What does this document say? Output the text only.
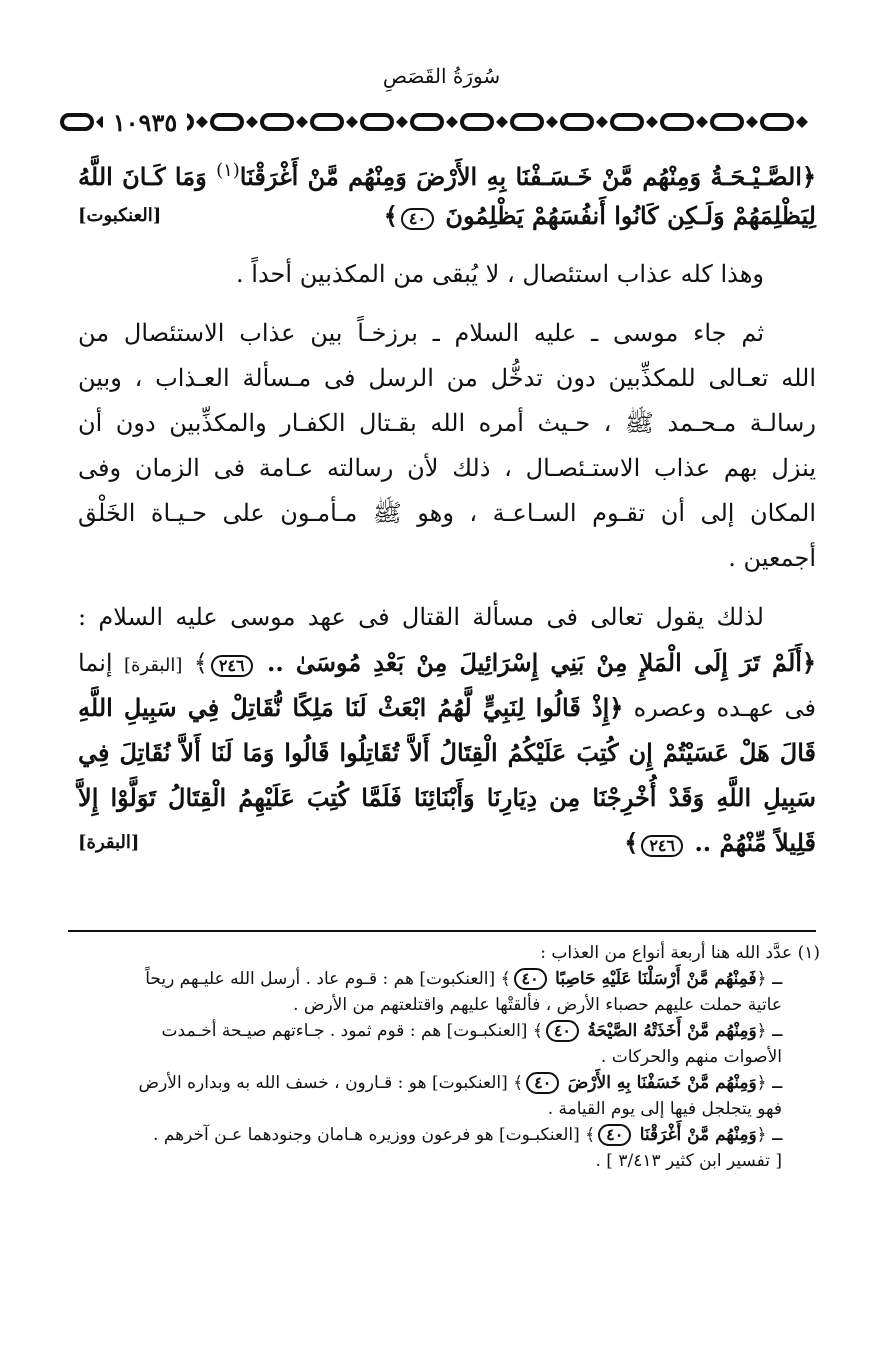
سُورَةُ القَصَصِ
١٠٩٣٥
﴿الصَّـيْـحَـةُ وَمِنْهُم مَّنْ خَـسَـفْنَا بِهِ الأَرْضَ وَمِنْهُم مَّنْ أَغْرَقْنَا$^{(١)}$ وَمَا كَـانَ اللَّهُ
لِيَظْلِمَهُمْ وَلَـكِن كَانُوا أَنفُسَهُمْ يَظْلِمُونَ ٤٠﴾
[العنكبوت]
وهذا كله عذاب استئصال ، لا يُبقى من المكذبين أحداً .
ثم جاء موسى ـ عليه السلام ـ برزخـاً بين عذاب الاستئصال من
الله تعـالى للمكذِّبين دون تدخُّل من الرسل فى مـسألة العـذاب ، وبين
رسالـة مـحـمد ﷺ ، حـيث أمره الله بقـتال الكفـار والمكذِّبين دون أن
ينزل بهم عذاب الاستـئصـال ، ذلك لأن رسالته عـامة فى الزمان وفى
المكان إلى أن تقـوم السـاعـة ، وهو ﷺ مـأمـون على حـيـاة الخَلْق
أجمعين .
لذلك يقول تعالى فى مسألة القتال فى عهد موسى عليه السلام :
﴿أَلَمْ تَرَ إِلَى الْمَلإِ مِنْ بَنِي إِسْرَائِيلَ مِنْ بَعْدِ مُوسَىٰ .. ٢٤٦﴾ [البقرة] إنما
فى عهـده وعصره ﴿إِذْ قَالُوا لِنَبِيٍّ لَّهُمُ ابْعَثْ لَنَا مَلِكًا نُّقَاتِلْ فِي سَبِيلِ اللَّهِ
قَالَ هَلْ عَسَيْتُمْ إِن كُتِبَ عَلَيْكُمُ الْقِتَالُ أَلاَّ تُقَاتِلُوا قَالُوا وَمَا لَنَا أَلاَّ نُقَاتِلَ فِي
سَبِيلِ اللَّهِ وَقَدْ أُخْرِجْنَا مِن دِيَارِنَا وَأَبْنَائِنَا فَلَمَّا كُتِبَ عَلَيْهِمُ الْقِتَالُ تَوَلَّوْا إِلاَّ
قَلِيلاً مِّنْهُمْ .. ٢٤٦﴾
[البقرة]
(١) عدَّد الله هنا أربعة أنواع من العذاب :
ـ ﴿فَمِنْهُم مَّنْ أَرْسَلْنَا عَلَيْهِ حَاصِبًا ٤٠﴾ [العنكبوت] هم : قـوم عاد . أرسل الله عليـهم ريحاً
عاتية حملت عليهم حصباء الأرض ، فألقتْها عليهم واقتلعتهم من الأرض .
ـ ﴿وَمِنْهُم مَّنْ أَخَذَتْهُ الصَّيْحَةُ ٤٠﴾ [العنكبـوت] هم : قوم ثمود . جـاءتهم صيـحة أخـمدت
الأصوات منهم والحركات .
ـ ﴿وَمِنْهُم مَّنْ خَسَفْنَا بِهِ الأَرْضَ ٤٠﴾ [العنكبوت] هو : قـارون ، خسف الله به وبداره الأرض
فهو يتجلجل فيها إلى يوم القيامة .
ـ ﴿وَمِنْهُم مَّنْ أَغْرَقْنَا ٤٠﴾ [العنكبـوت] هو فرعون ووزيره هـامان وجنودهما عـن آخرهم .
[ تفسير ابن كثير ٣/٤١٣ ] .
